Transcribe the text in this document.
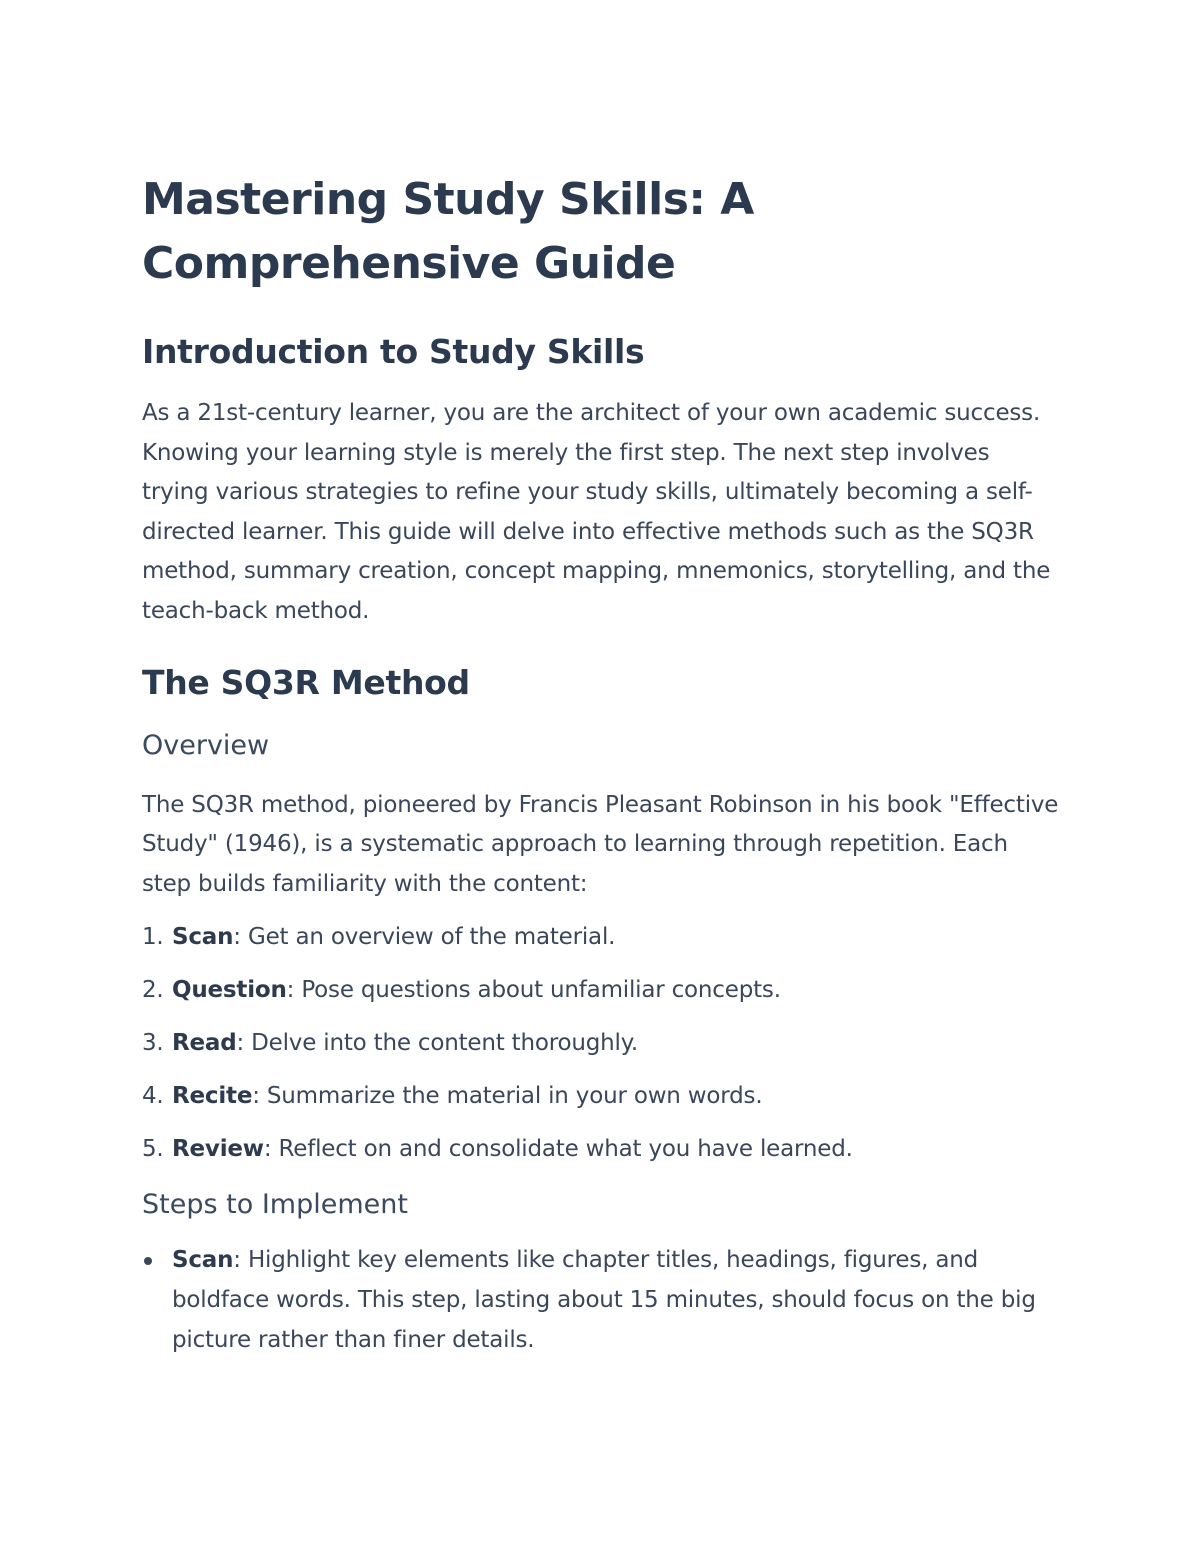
Mastering Study Skills: A Comprehensive Guide
Introduction to Study Skills

As a 21st-century learner, you are the architect of your own academic success. Knowing your learning style is merely the first step. The next step involves trying various strategies to refine your study skills, ultimately becoming a self-directed learner. This guide will delve into effective methods such as the SQ3R method, summary creation, concept mapping, mnemonics, storytelling, and the teach-back method.

The SQ3R Method
Overview

The SQ3R method, pioneered by Francis Pleasant Robinson in his book "Effective Study" (1946), is a systematic approach to learning through repetition. Each step builds familiarity with the content:

1. Scan: Get an overview of the material.
2. Question: Pose questions about unfamiliar concepts.
3. Read: Delve into the content thoroughly.
4. Recite: Summarize the material in your own words.
5. Review: Reflect on and consolidate what you have learned.
Steps to Implement
Scan: Highlight key elements like chapter titles, headings, figures, and boldface words. This step, lasting about 15 minutes, should focus on the big picture rather than finer details.
